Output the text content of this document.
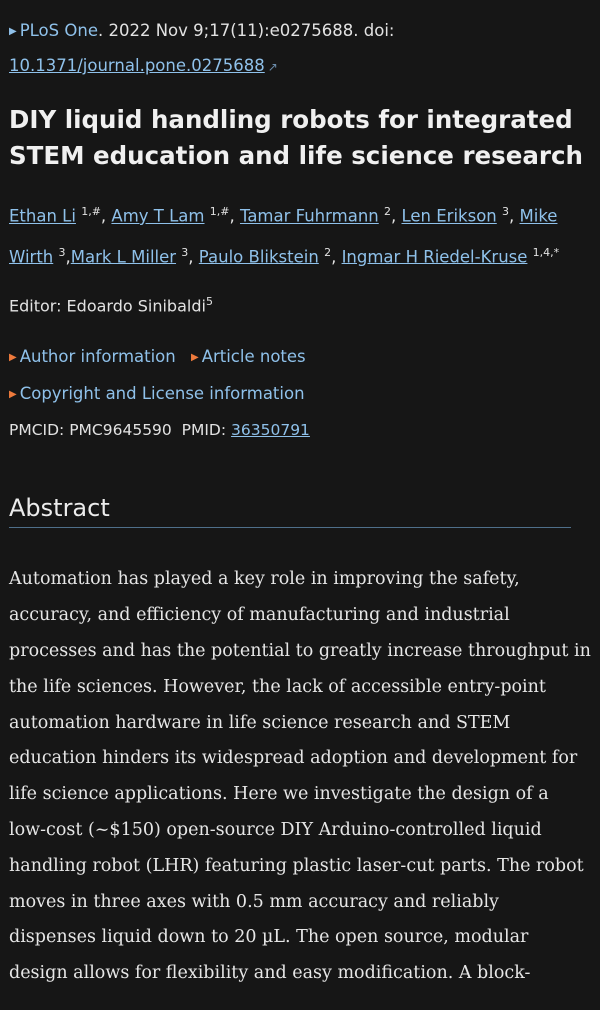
▶ PLoS One. 2022 Nov 9;17(11):e0275688. doi:
10.1371/journal.pone.0275688 ↗
DIY liquid handling robots for integrated STEM education and life science research
Ethan Li $^{1,\#}$, Amy T Lam $^{1,\#}$, Tamar Fuhrmann $^2$, Len Erikson $^3$, Mike Wirth $^3$,Mark L Miller $^3$, Paulo Blikstein $^2$, Ingmar H Riedel-Kruse $^{1,4,*}$
Editor: Edoardo Sinibaldi$^5$
▶ Author information ▶ Article notes
▶ Copyright and License information
PMCID: PMC9645590 PMID: 36350791
Abstract
Automation has played a key role in improving the safety, accuracy, and efficiency of manufacturing and industrial processes and has the potential to greatly increase throughput in the life sciences. However, the lack of accessible entry-point automation hardware in life science research and STEM education hinders its widespread adoption and development for life science applications. Here we investigate the design of a low-cost (~$150) open-source DIY Arduino-controlled liquid handling robot (LHR) featuring plastic laser-cut parts. The robot moves in three axes with 0.5 mm accuracy and reliably dispenses liquid down to 20 µL. The open source, modular design allows for flexibility and easy modification. A block-
